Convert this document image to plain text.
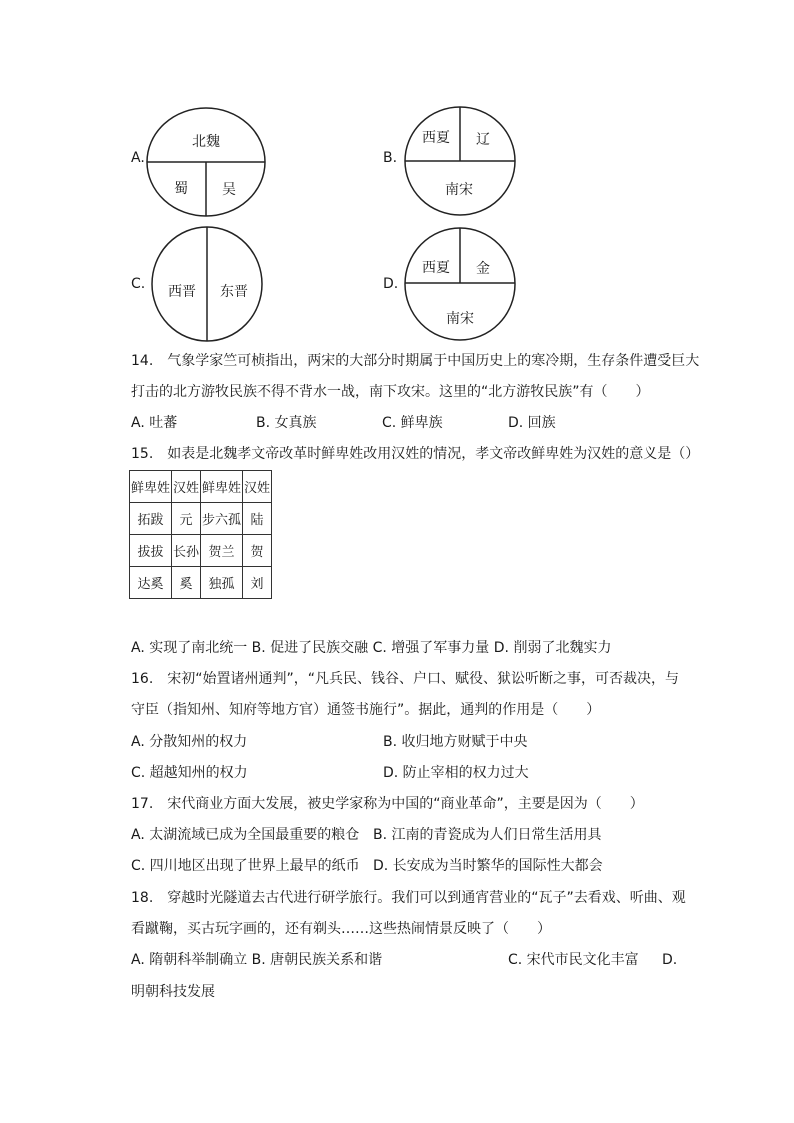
A.
北魏
蜀 吴
B.
西夏 辽
南宋
C. 西晋 东晋	D.
西夏 金
南宋
14.　气象学家竺可桢指出，两宋的大部分时期属于中国历史上的寒冷期，生存条件遭受巨大
打击的北方游牧民族不得不背水一战，南下攻宋。这里的“北方游牧民族”有（　　）
A. 吐蕃	B. 女真族	C. 鲜卑族	D. 回族
15.　如表是北魏孝文帝改革时鲜卑姓改用汉姓的情况，孝文帝改鲜卑姓为汉姓的意义是（）
鲜卑姓	汉姓	鲜卑姓	汉姓
拓跋	元	步六孤	陆
拔拔	长孙	贺兰	贺
达奚	奚	独孤	刘
A. 实现了南北统一 B. 促进了民族交融 C. 增强了军事力量 D. 削弱了北魏实力
16.　宋初“始置诸州通判”，“凡兵民、钱谷、户口、赋役、狱讼听断之事，可否裁决，与
守臣（指知州、知府等地方官）通签书施行”。据此，通判的作用是（　　）
A. 分散知州的权力	B. 收归地方财赋于中央
C. 超越知州的权力	D. 防止宰相的权力过大
17.　宋代商业方面大发展，被史学家称为中国的“商业革命”，主要是因为（　　）
A. 太湖流域已成为全国最重要的粮仓 B. 江南的青瓷成为人们日常生活用具
C. 四川地区出现了世界上最早的纸币 D. 长安成为当时繁华的国际性大都会
18.　穿越时光隧道去古代进行研学旅行。我们可以到通宵营业的“瓦子”去看戏、听曲、观
看蹴鞠，买古玩字画的，还有剃头……这些热闹情景反映了（　　）
A. 隋朝科举制确立 B. 唐朝民族关系和谐	C. 宋代市民文化丰富 D.
明朝科技发展
